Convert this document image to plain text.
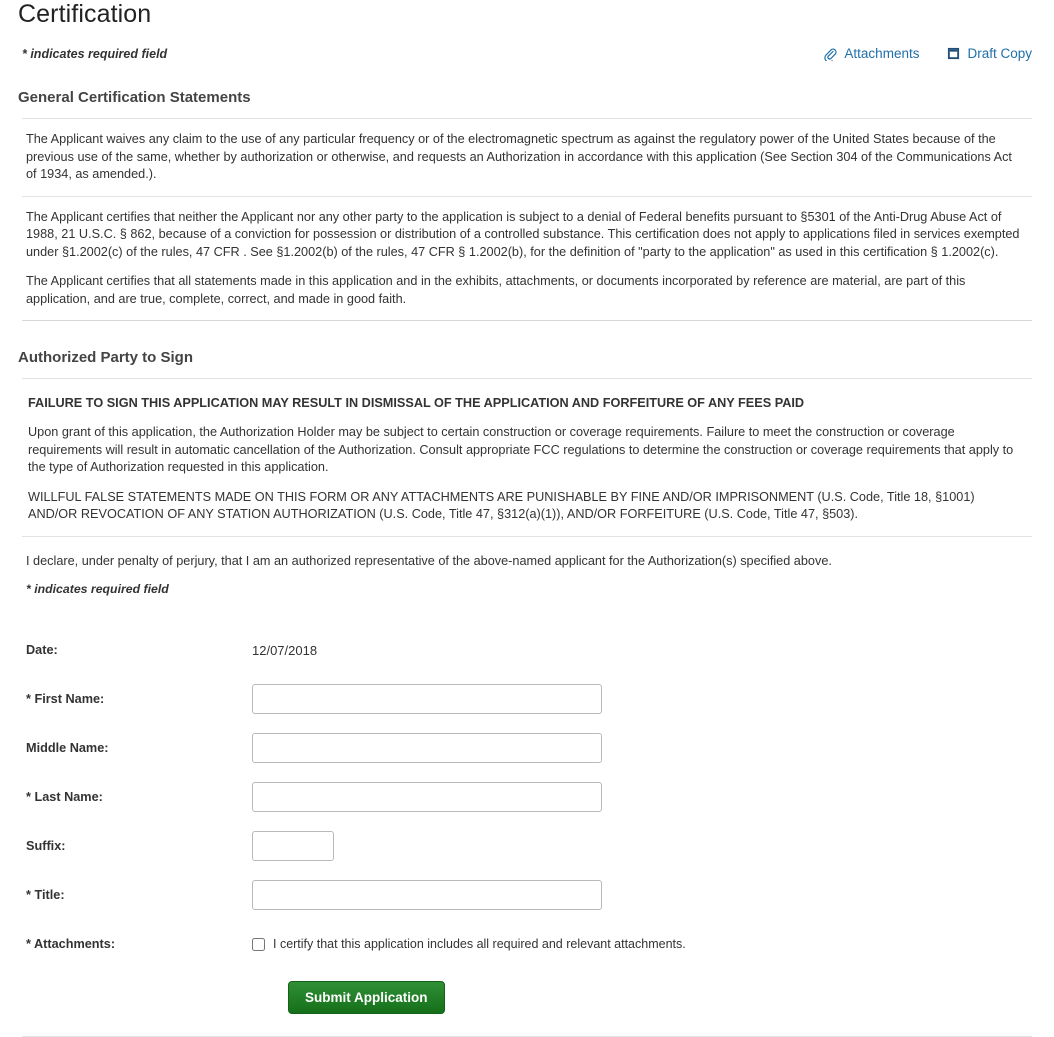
Certification
* indicates required field	Attachments	Draft Copy
General Certification Statements

The Applicant waives any claim to the use of any particular frequency or of the electromagnetic spectrum as against the regulatory power of the United States because of the previous use of the same, whether by authorization or otherwise, and requests an Authorization in accordance with this application (See Section 304 of the Communications Act of 1934, as amended.).

The Applicant certifies that neither the Applicant nor any other party to the application is subject to a denial of Federal benefits pursuant to §5301 of the Anti-Drug Abuse Act of 1988, 21 U.S.C. § 862, because of a conviction for possession or distribution of a controlled substance. This certification does not apply to applications filed in services exempted under §1.2002(c) of the rules, 47 CFR . See §1.2002(b) of the rules, 47 CFR § 1.2002(b), for the definition of "party to the application" as used in this certification § 1.2002(c).

The Applicant certifies that all statements made in this application and in the exhibits, attachments, or documents incorporated by reference are material, are part of this application, and are true, complete, correct, and made in good faith.

Authorized Party to Sign
FAILURE TO SIGN THIS APPLICATION MAY RESULT IN DISMISSAL OF THE APPLICATION AND FORFEITURE OF ANY FEES PAID

Upon grant of this application, the Authorization Holder may be subject to certain construction or coverage requirements. Failure to meet the construction or coverage requirements will result in automatic cancellation of the Authorization. Consult appropriate FCC regulations to determine the construction or coverage requirements that apply to the type of Authorization requested in this application.

WILLFUL FALSE STATEMENTS MADE ON THIS FORM OR ANY ATTACHMENTS ARE PUNISHABLE BY FINE AND/OR IMPRISONMENT (U.S. Code, Title 18, §1001) AND/OR REVOCATION OF ANY STATION AUTHORIZATION (U.S. Code, Title 47, §312(a)(1)), AND/OR FORFEITURE (U.S. Code, Title 47, §503).

I declare, under penalty of perjury, that I am an authorized representative of the above-named applicant for the Authorization(s) specified above.
* indicates required field
Date:	12/07/2018
* First Name:
Middle Name:
* Last Name:
Suffix:
* Title:
* Attachments:	I certify that this application includes all required and relevant attachments.
Submit Application
